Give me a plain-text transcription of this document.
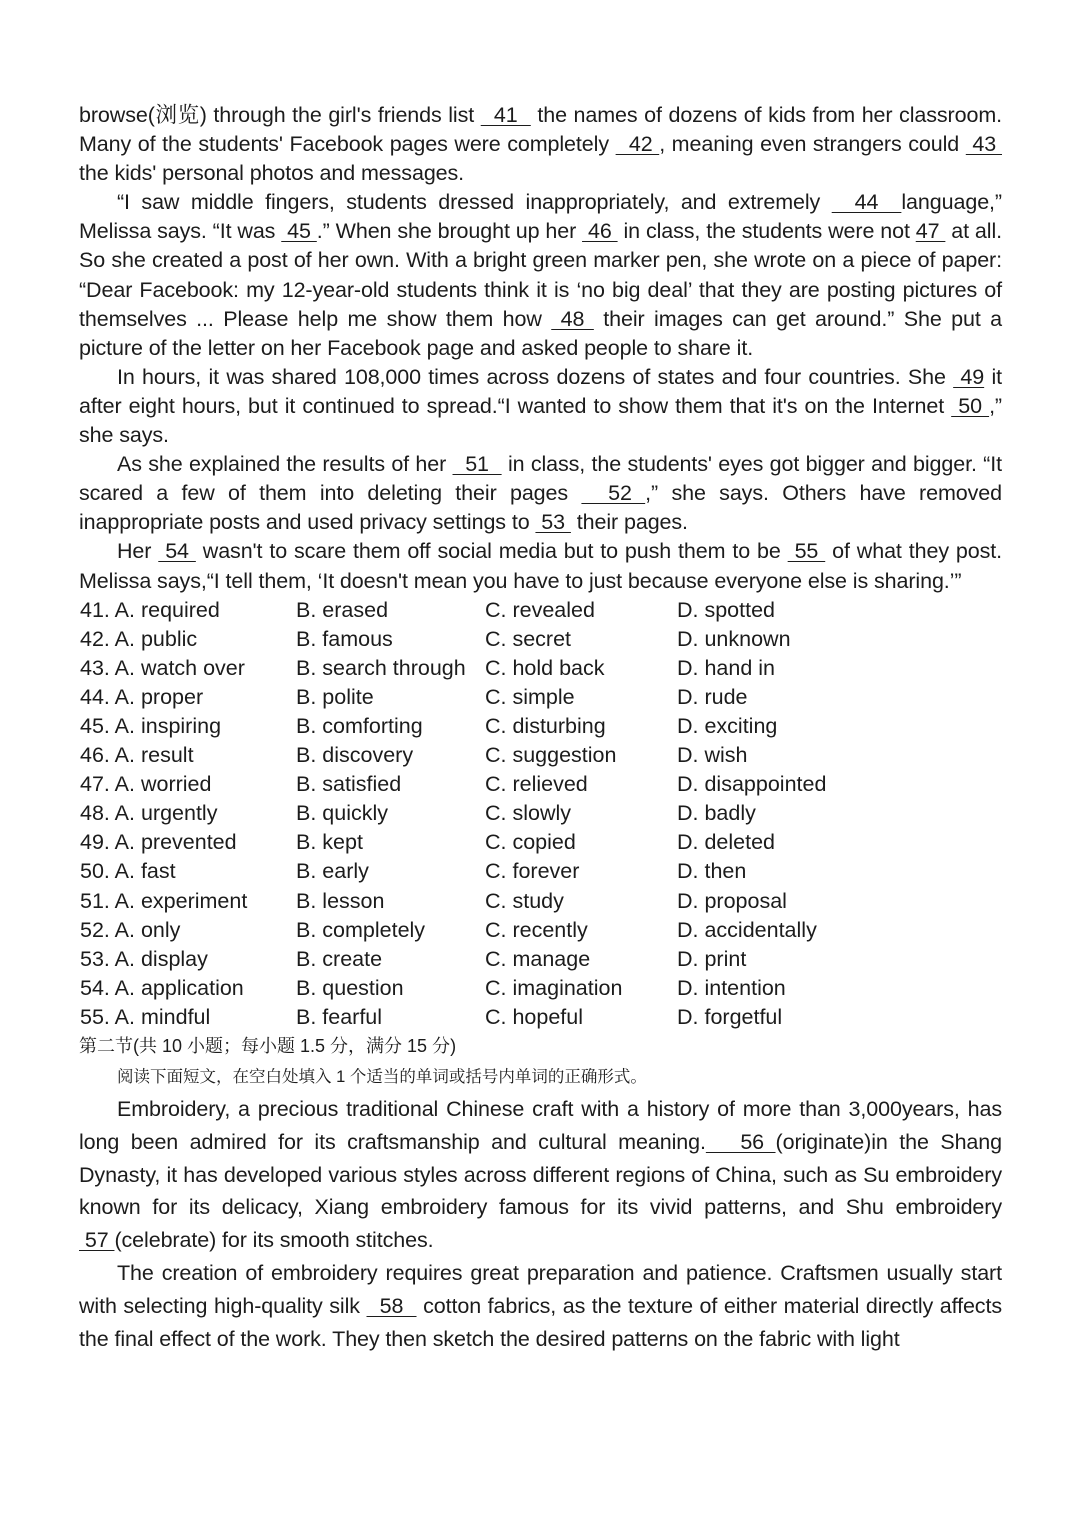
browse(浏览) through the girl's friends list   41   the names of dozens of kids from her classroom. Many of the students' Facebook pages were completely   42 , meaning even strangers could  43  the kids' personal photos and messages.

“I saw middle fingers, students dressed inappropriately, and extremely   44  language,” Melissa says. “It was  45 .” When she brought up her  46  in class, the students were not 47  at all. So she created a post of her own. With a bright green marker pen, she wrote on a piece of paper: “Dear Facebook: my 12-year-old students think it is ‘no big deal’ that they are posting pictures of themselves ... Please help me show them how  48  their images can get around.” She put a picture of the letter on her Facebook page and asked people to share it.

In hours, it was shared 108,000 times across dozens of states and four countries. She  49 it after eight hours, but it continued to spread.“I wanted to show them that it's on the Internet  50 ,” she says.

As she explained the results of her   51   in class, the students' eyes got bigger and bigger. “It scared a few of them into deleting their pages   52 ,” she says. Others have removed inappropriate posts and used privacy settings to  53  their pages.

Her  54  wasn't to scare them off social media but to push them to be  55  of what they post. Melissa says,“I tell them, ‘It doesn't mean you have to just because everyone else is sharing.’”

41. A. required	B. erased	C. revealed	D. spotted
42. A. public	B. famous	C. secret	D. unknown
43. A. watch over B. search through C. hold back	D. hand in
44. A. proper	B. polite	C. simple	D. rude
45. A. inspiring	B. comforting	C. disturbing	D. exciting
46. A. result	B. discovery	C. suggestion	D. wish
47. A. worried	B. satisfied	C. relieved	D. disappointed
48. A. urgently	B. quickly	C. slowly	D. badly
49. A. prevented	B. kept	C. copied	D. deleted
50. A. fast	B. early	C. forever	D. then
51. A. experiment B. lesson	C. study	D. proposal
52. A. only	B. completely	C. recently	D. accidentally
53. A. display	B. create	C. manage	D. print
54. A. application B. question	C. imagination	D. intention
55. A. mindful	B. fearful	C. hopeful	D. forgetful
第二节(共 10 小题；每小题 1.5 分，满分 15 分)

阅读下面短文，在空白处填入 1 个适当的单词或括号内单词的正确形式。

Embroidery, a precious traditional Chinese craft with a history of more than 3,000years, has long been admired for its craftsmanship and cultural meaning.   56 (originate)in the Shang Dynasty, it has developed various styles across different regions of China, such as Su embroidery known for its delicacy, Xiang embroidery famous for its vivid patterns, and Shu embroidery  57 (celebrate) for its smooth stitches.

The creation of embroidery requires great preparation and patience. Craftsmen usually start with selecting high-quality silk   58   cotton fabrics, as the texture of either material directly affects the final effect of the work. They then sketch the desired patterns on the fabric with light
